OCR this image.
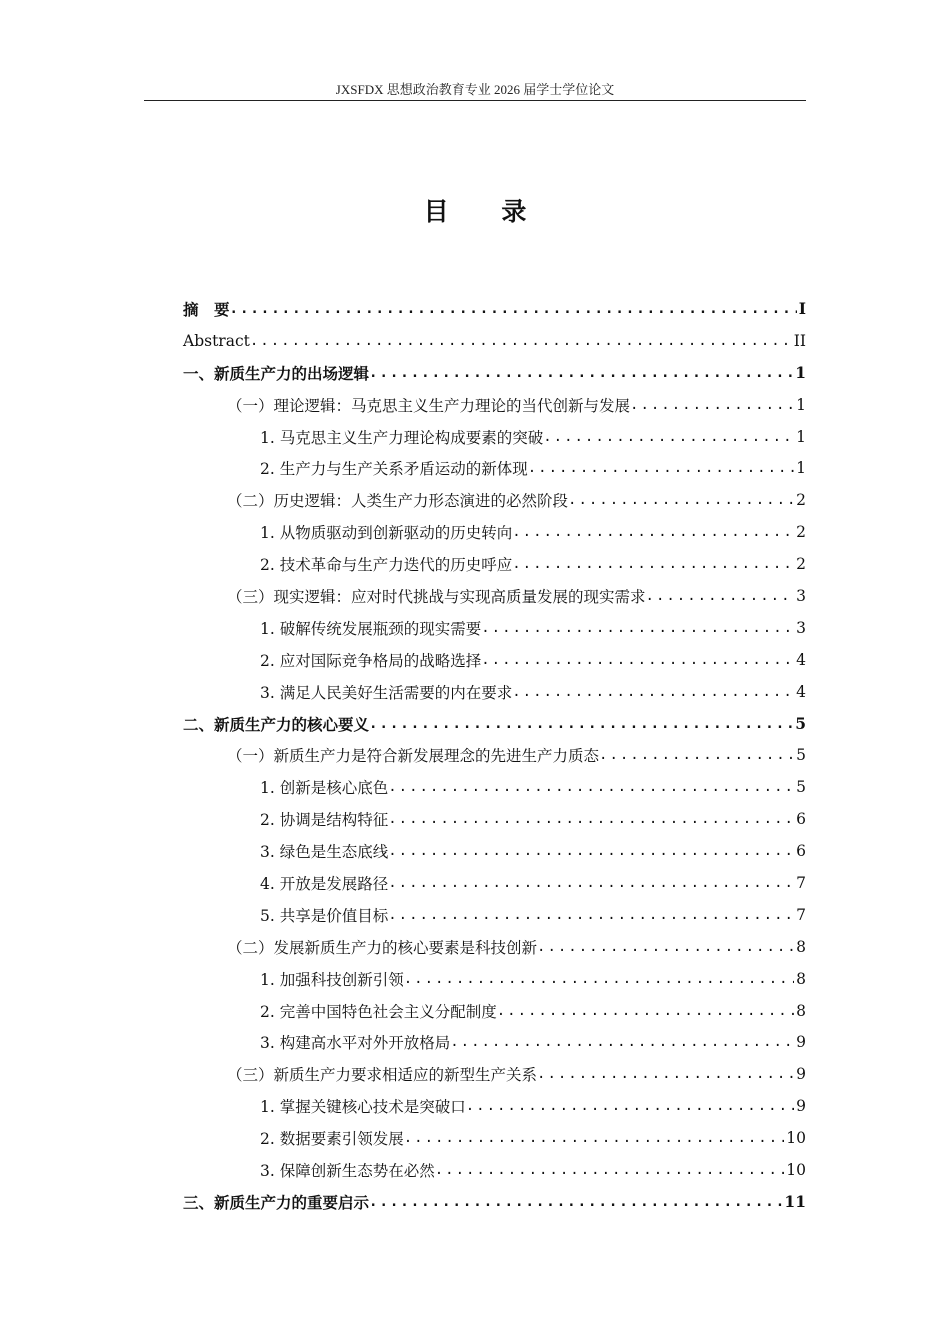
JXSFDX 思想政治教育专业 2026 届学士学位论文
目 录
摘　要 .....	I
Abstract .....	II
一、新质生产力的出场逻辑 .....	1
（一）理论逻辑：马克思主义生产力理论的当代创新与发展 .....	1
1. 马克思主义生产力理论构成要素的突破 .....	1
2. 生产力与生产关系矛盾运动的新体现 .....	1
（二）历史逻辑：人类生产力形态演进的必然阶段 .....	2
1. 从物质驱动到创新驱动的历史转向 .....	2
2. 技术革命与生产力迭代的历史呼应 .....	2
（三）现实逻辑：应对时代挑战与实现高质量发展的现实需求 .....	3
1. 破解传统发展瓶颈的现实需要 .....	3
2. 应对国际竞争格局的战略选择 .....	4
3. 满足人民美好生活需要的内在要求 .....	4
二、新质生产力的核心要义 .....	5
（一）新质生产力是符合新发展理念的先进生产力质态 .....	5
1. 创新是核心底色 .....	5
2. 协调是结构特征 .....	6
3. 绿色是生态底线 .....	6
4. 开放是发展路径 .....	7
5. 共享是价值目标 .....	7
（二）发展新质生产力的核心要素是科技创新 .....	8
1. 加强科技创新引领 .....	8
2. 完善中国特色社会主义分配制度 .....	8
3. 构建高水平对外开放格局 .....	9
（三）新质生产力要求相适应的新型生产关系 .....	9
1. 掌握关键核心技术是突破口 .....	9
2. 数据要素引领发展 .....	10
3. 保障创新生态势在必然 .....	10
三、新质生产力的重要启示 .....	11
